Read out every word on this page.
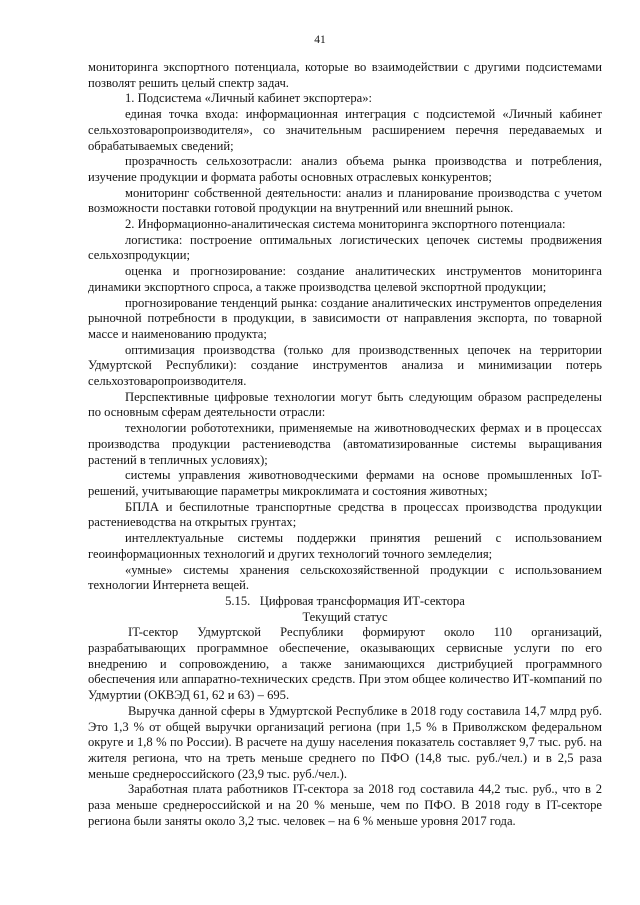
41

мониторинга экспортного потенциала, которые во взаимодействии с другими подсистемами позволят решить целый спектр задач.

1. Подсистема «Личный кабинет экспортера»:

единая точка входа: информационная интеграция с подсистемой «Личный кабинет сельхозтоваропроизводителя», со значительным расширением перечня передаваемых и обрабатываемых сведений;

прозрачность сельхозотрасли: анализ объема рынка производства и потребления, изучение продукции и формата работы основных отраслевых конкурентов;

мониторинг собственной деятельности: анализ и планирование производства с учетом возможности поставки готовой продукции на внутренний или внешний рынок.

2. Информационно-аналитическая система мониторинга экспортного потенциала:

логистика: построение оптимальных логистических цепочек системы продвижения сельхозпродукции;

оценка и прогнозирование: создание аналитических инструментов мониторинга динамики экспортного спроса, а также производства целевой экспортной продукции;

прогнозирование тенденций рынка: создание аналитических инструментов определения рыночной потребности в продукции, в зависимости от направления экспорта, по товарной массе и наименованию продукта;

оптимизация производства (только для производственных цепочек на территории Удмуртской Республики): создание инструментов анализа и минимизации потерь сельхозтоваропроизводителя.

Перспективные цифровые технологии могут быть следующим образом распределены по основным сферам деятельности отрасли:

технологии робототехники, применяемые на животноводческих фермах и в процессах производства продукции растениеводства (автоматизированные системы выращивания растений в тепличных условиях);

системы управления животноводческими фермами на основе промышленных IoT-решений, учитывающие параметры микроклимата и состояния животных;

БПЛА и беспилотные транспортные средства в процессах производства продукции растениеводства на открытых грунтах;

интеллектуальные системы поддержки принятия решений с использованием геоинформационных технологий и других технологий точного земледелия;

«умные» системы хранения сельскохозяйственной продукции с использованием технологии Интернета вещей.

5.15.   Цифровая трансформация ИТ-сектора

Текущий статус

IT-сектор Удмуртской Республики формируют около 110 организаций, разрабатывающих программное обеспечение, оказывающих сервисные услуги по его внедрению и сопровождению, а также занимающихся дистрибуцией программного обеспечения или аппаратно-технических средств. При этом общее количество ИТ-компаний по Удмуртии (ОКВЭД 61, 62 и 63) – 695.

Выручка данной сферы в Удмуртской Республике в 2018 году составила 14,7 млрд руб. Это 1,3 % от общей выручки организаций региона (при 1,5 % в Приволжском федеральном округе и 1,8 % по России). В расчете на душу населения показатель составляет 9,7 тыс. руб. на жителя региона, что на треть меньше среднего по ПФО (14,8 тыс. руб./чел.) и в 2,5 раза меньше среднероссийского (23,9 тыс. руб./чел.).

Заработная плата работников IT-сектора за 2018 год составила 44,2 тыс. руб., что в 2 раза меньше среднероссийской и на 20 % меньше, чем по ПФО. В 2018 году в IT-секторе региона были заняты около 3,2 тыс. человек – на 6 % меньше уровня 2017 года.
